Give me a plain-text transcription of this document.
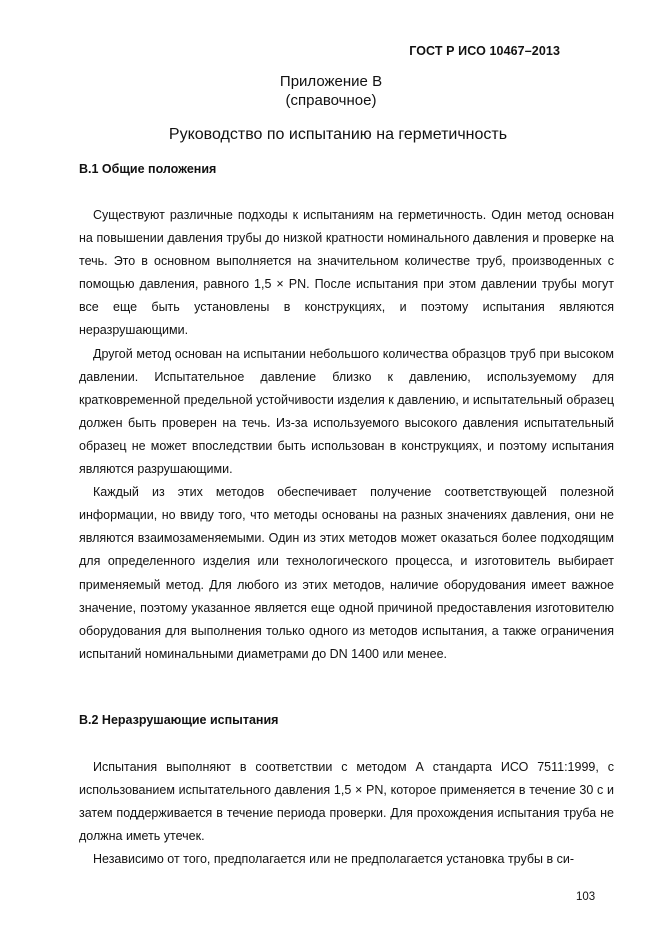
ГОСТ Р ИСО 10467–2013
Приложение В
(справочное)
Руководство по испытанию на герметичность
В.1 Общие положения

Существуют различные подходы к испытаниям на герметичность. Один метод основан на повышении давления трубы до низкой кратности номинального давления и проверке на течь. Это в основном выполняется на значительном количестве труб, производенных с помощью давления, равного 1,5 × PN. После испытания при этом давлении трубы могут все еще быть установлены в конструкциях, и поэтому испытания являются неразрушающими.

Другой метод основан на испытании небольшого количества образцов труб при высоком давлении. Испытательное давление близко к давлению, используемому для кратковременной предельной устойчивости изделия к давлению, и испытательный образец должен быть проверен на течь. Из-за используемого высокого давления испытательный образец не может впоследствии быть использован в конструкциях, и поэтому испытания являются разрушающими.

Каждый из этих методов обеспечивает получение соответствующей полезной информации, но ввиду того, что методы основаны на разных значениях давления, они не являются взаимозаменяемыми. Один из этих методов может оказаться более подходящим для определенного изделия или технологического процесса, и изготовитель выбирает применяемый метод. Для любого из этих методов, наличие оборудования имеет важное значение, поэтому указанное является еще одной причиной предоставления изготовителю оборудования для выполнения только одного из методов испытания, а также ограничения испытаний номинальными диаметрами до DN 1400 или менее.

В.2 Неразрушающие испытания

Испытания выполняют в соответствии с методом А стандарта ИСО 7511:1999, с использованием испытательного давления 1,5 × PN, которое применяется в течение 30 с и затем поддерживается в течение периода проверки. Для прохождения испытания труба не должна иметь утечек.

Независимо от того, предполагается или не предполагается установка трубы в си-

103
